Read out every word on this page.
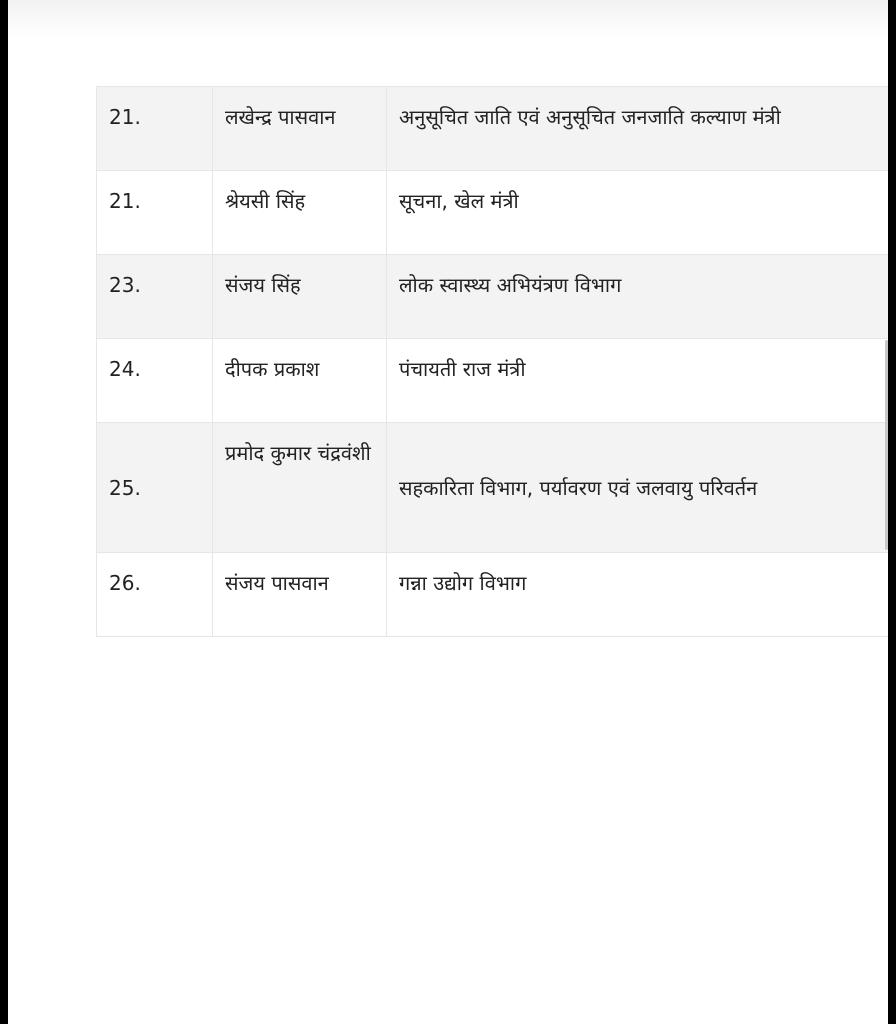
21.	लखेन्द्र पासवान	अनुसूचित जाति एवं अनुसूचित जनजाति कल्याण मंत्री
21.	श्रेयसी सिंह	सूचना, खेल मंत्री
23.	संजय सिंह	लोक स्वास्थ्य अभियंत्रण विभाग
24.	दीपक प्रकाश	पंचायती राज मंत्री
25.	प्रमोद कुमार चंद्रवंशी	सहकारिता विभाग, पर्यावरण एवं जलवायु परिवर्तन
26.	संजय पासवान	गन्ना उद्योग विभाग
